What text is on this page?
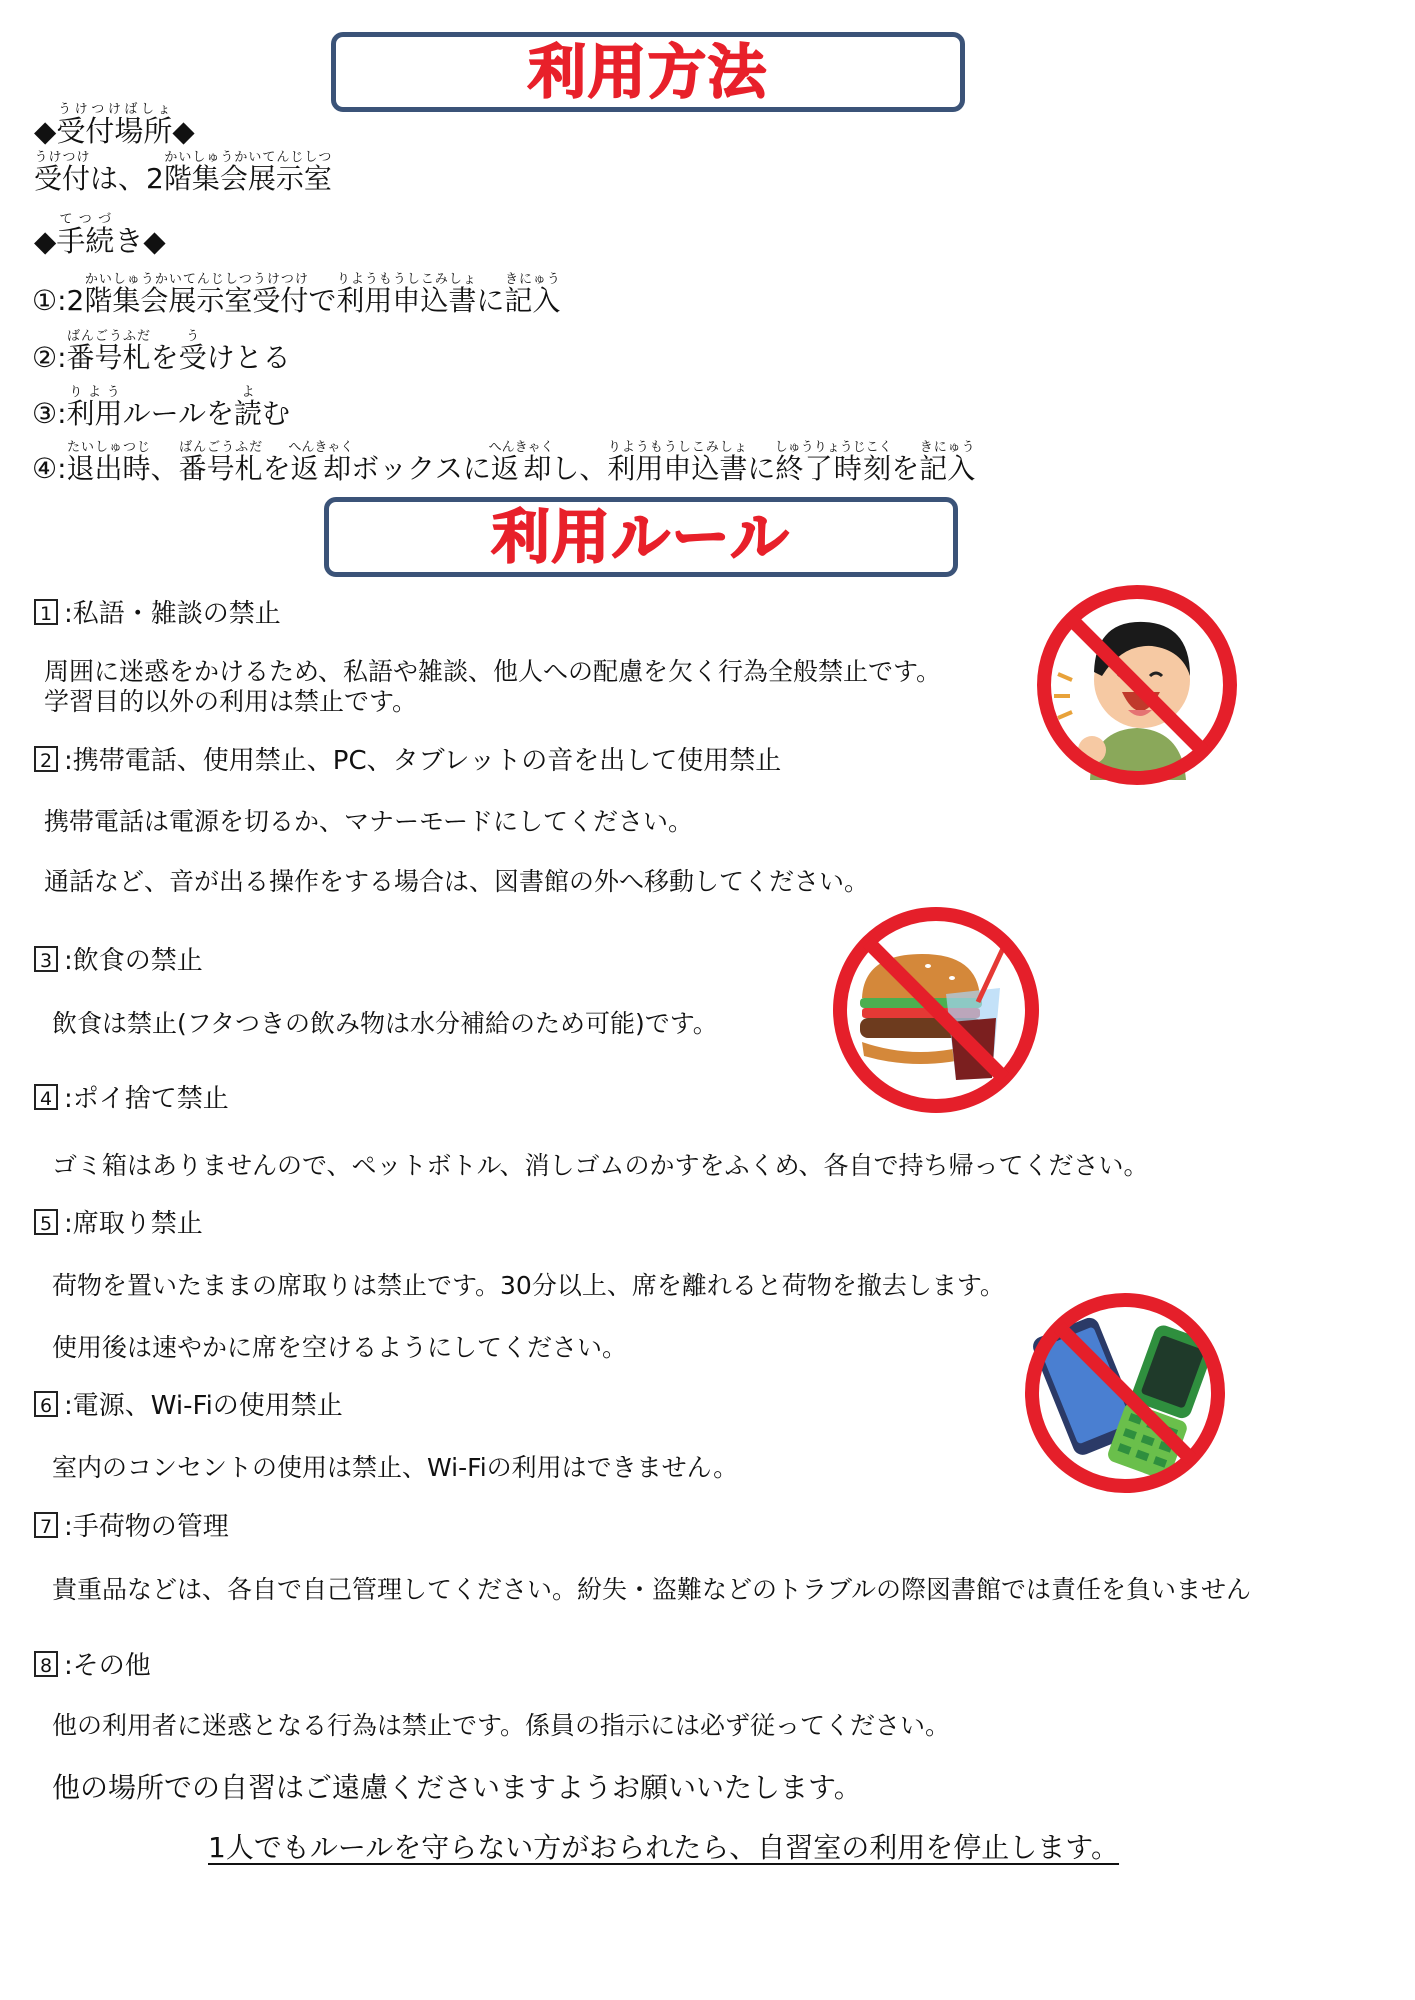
利用方法
◆受付場所うけつけばしょ◆
受付うけつけは、2階集会展示室かいしゅうかいてんじしつ
◆手続てつづき◆
①:2階集会展示室受付かいしゅうかいてんじしつうけつけで利用申込書りようもうしこみしょに記入きにゅう
②:番号札ばんごうふだを受うけとる
③:利用りようルールを読よむ
④:退出時たいしゅつじ、番号札ばんごうふだを返却へんきゃくボックスに返却へんきゃくし、利用申込書りようもうしこみしょに終了時刻しゅうりょうじこくを記入きにゅう
利用ルール
1 :私語・雑談の禁止
周囲に迷惑をかけるため、私語や雑談、他人への配慮を欠く行為全般禁止です。
学習目的以外の利用は禁止です。
2 :携帯電話、使用禁止、PC、タブレットの音を出して使用禁止
携帯電話は電源を切るか、マナーモードにしてください。
通話など、音が出る操作をする場合は、図書館の外へ移動してください。
3 :飲食の禁止
飲食は禁止(フタつきの飲み物は水分補給のため可能)です。
4 :ポイ捨て禁止
ゴミ箱はありませんので、ペットボトル、消しゴムのかすをふくめ、各自で持ち帰ってください。
5 :席取り禁止
荷物を置いたままの席取りは禁止です。30分以上、席を離れると荷物を撤去します。
使用後は速やかに席を空けるようにしてください。
6 :電源、Wi-Fiの使用禁止
室内のコンセントの使用は禁止、Wi-Fiの利用はできません。
7 :手荷物の管理
貴重品などは、各自で自己管理してください。紛失・盗難などのトラブルの際図書館では責任を負いません
8 :その他
他の利用者に迷惑となる行為は禁止です。係員の指示には必ず従ってください。
他の場所での自習はご遠慮くださいますようお願いいたします。
1人でもルールを守らない方がおられたら、自習室の利用を停止します。
